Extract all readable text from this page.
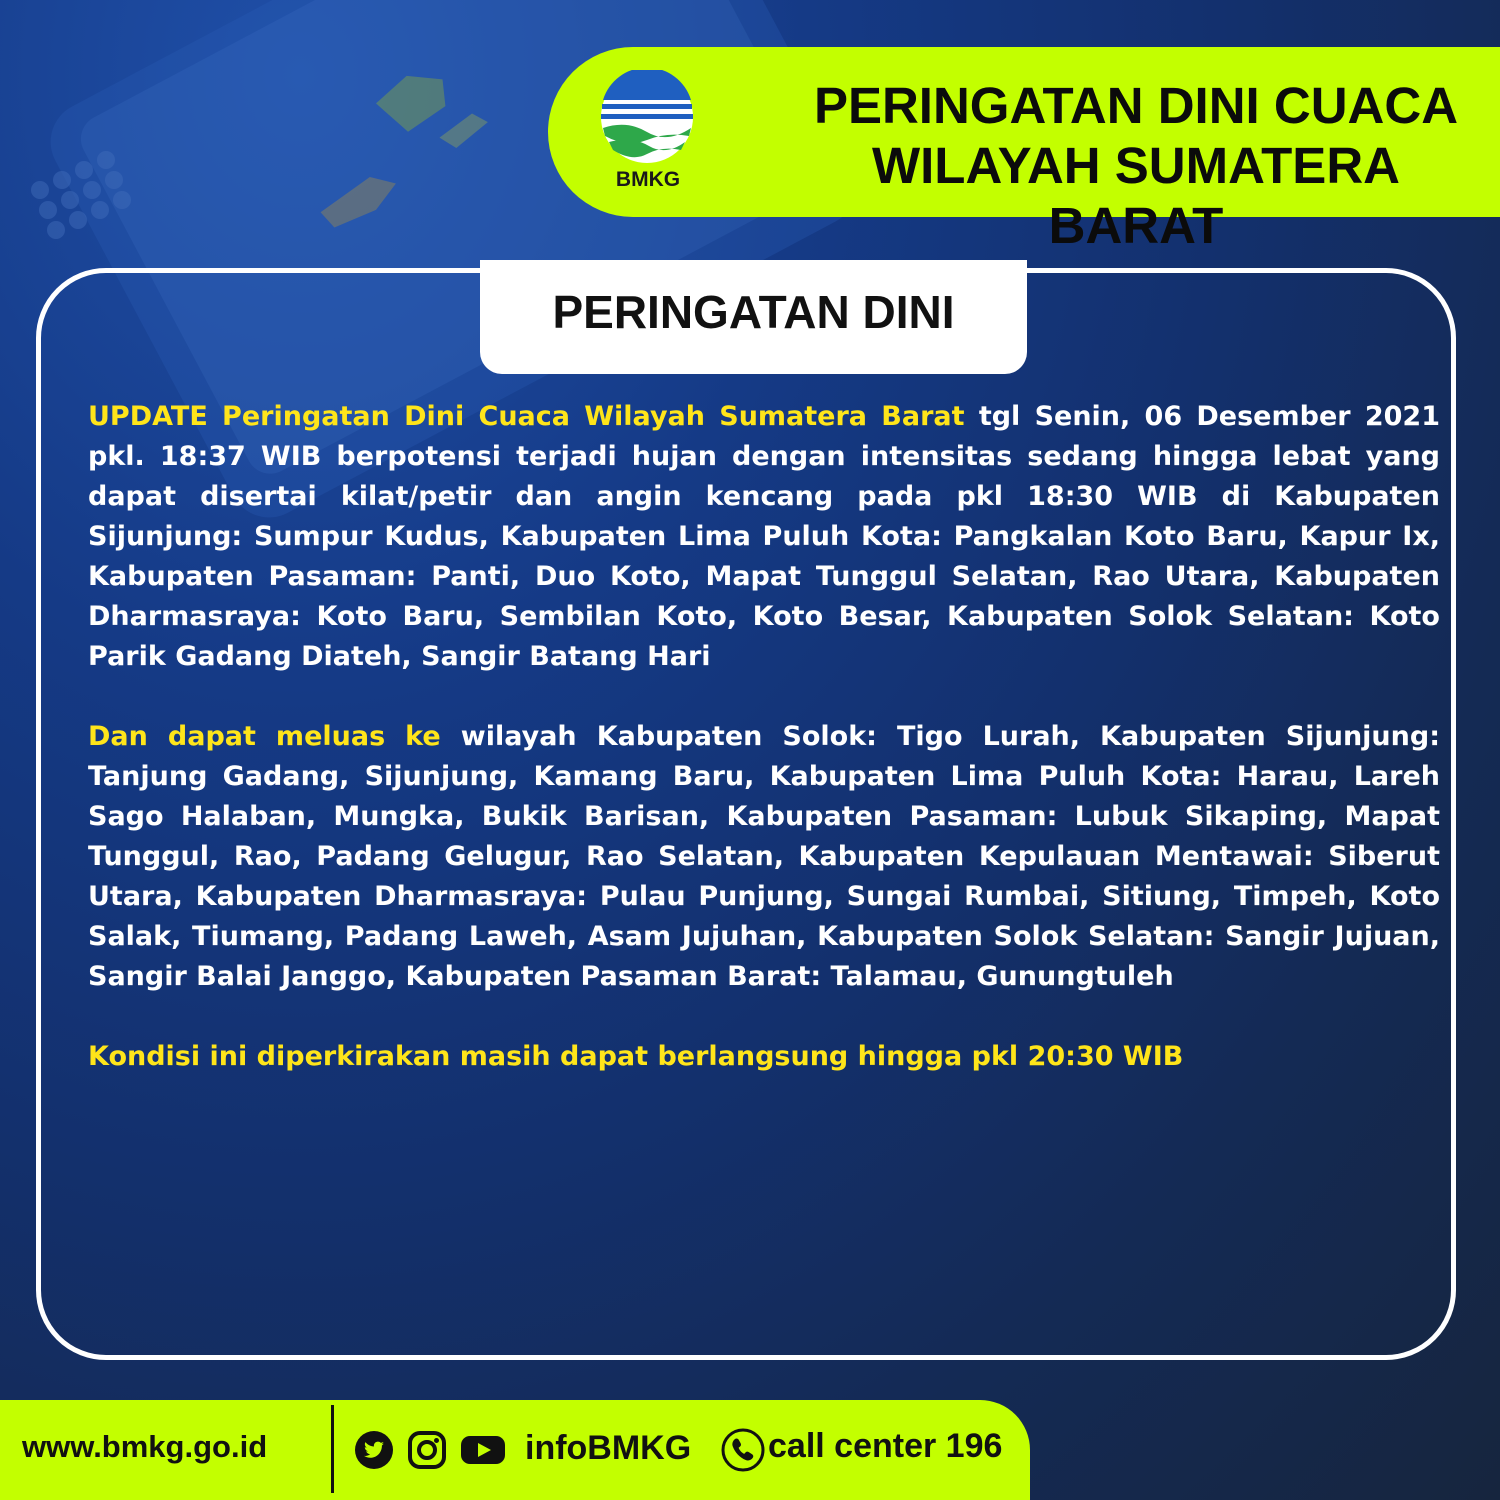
BMKG
PERINGATAN DINI CUACA
WILAYAH SUMATERA BARAT
PERINGATAN DINI
UPDATE Peringatan Dini Cuaca Wilayah Sumatera Barat tgl Senin, 06 Desember 2021 pkl. 18:37 WIB berpotensi terjadi hujan dengan intensitas sedang hingga lebat yang dapat disertai kilat/petir dan angin kencang pada pkl 18:30 WIB di Kabupaten Sijunjung: Sumpur Kudus, Kabupaten Lima Puluh Kota: Pangkalan Koto Baru, Kapur Ix, Kabupaten Pasaman: Panti, Duo Koto, Mapat Tunggul Selatan, Rao Utara, Kabupaten Dharmasraya: Koto Baru, Sembilan Koto, Koto Besar, Kabupaten Solok Selatan: Koto Parik Gadang Diateh, Sangir Batang Hari
Dan dapat meluas ke wilayah Kabupaten Solok: Tigo Lurah, Kabupaten Sijunjung: Tanjung Gadang, Sijunjung, Kamang Baru, Kabupaten Lima Puluh Kota: Harau, Lareh Sago Halaban, Mungka, Bukik Barisan, Kabupaten Pasaman: Lubuk Sikaping, Mapat Tunggul, Rao, Padang Gelugur, Rao Selatan, Kabupaten Kepulauan Mentawai: Siberut Utara, Kabupaten Dharmasraya: Pulau Punjung, Sungai Rumbai, Sitiung, Timpeh, Koto Salak, Tiumang, Padang Laweh, Asam Jujuhan, Kabupaten Solok Selatan: Sangir Jujuan, Sangir Balai Janggo, Kabupaten Pasaman Barat: Talamau, Gunungtuleh
Kondisi ini diperkirakan masih dapat berlangsung hingga pkl 20:30 WIB
www.bmkg.go.id	infoBMKG call center 196
